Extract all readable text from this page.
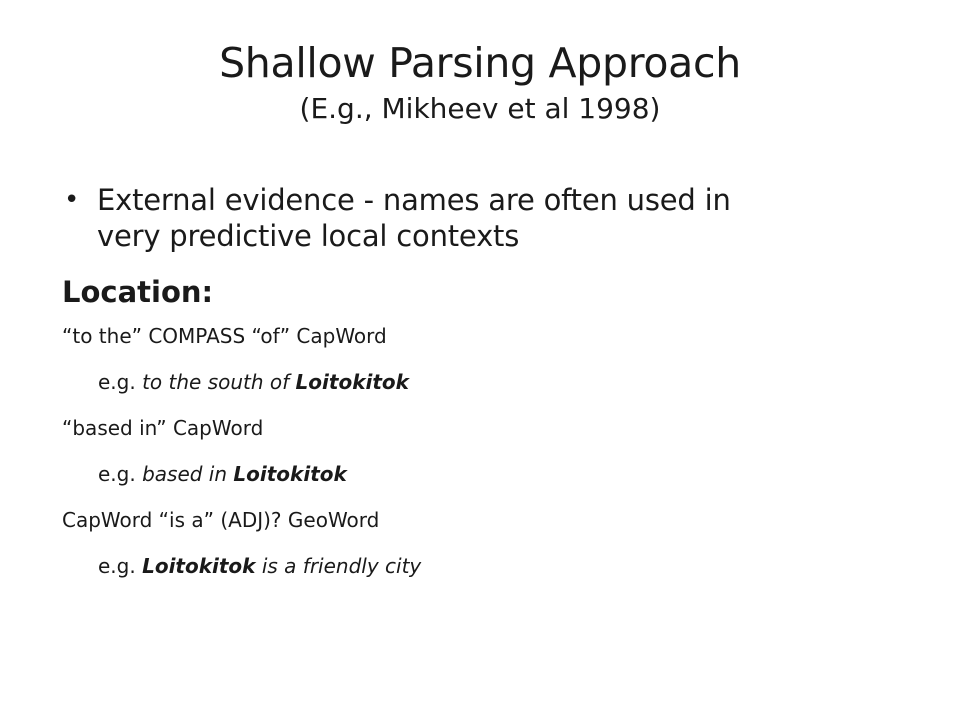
Shallow Parsing Approach
(E.g., Mikheev et al 1998)
• External evidence - names are often used in
very predictive local contexts
Location:
“to the” COMPASS “of” CapWord
e.g. to the south of Loitokitok
“based in” CapWord
e.g. based in Loitokitok
CapWord “is a” (ADJ)? GeoWord
e.g. Loitokitok is a friendly city
